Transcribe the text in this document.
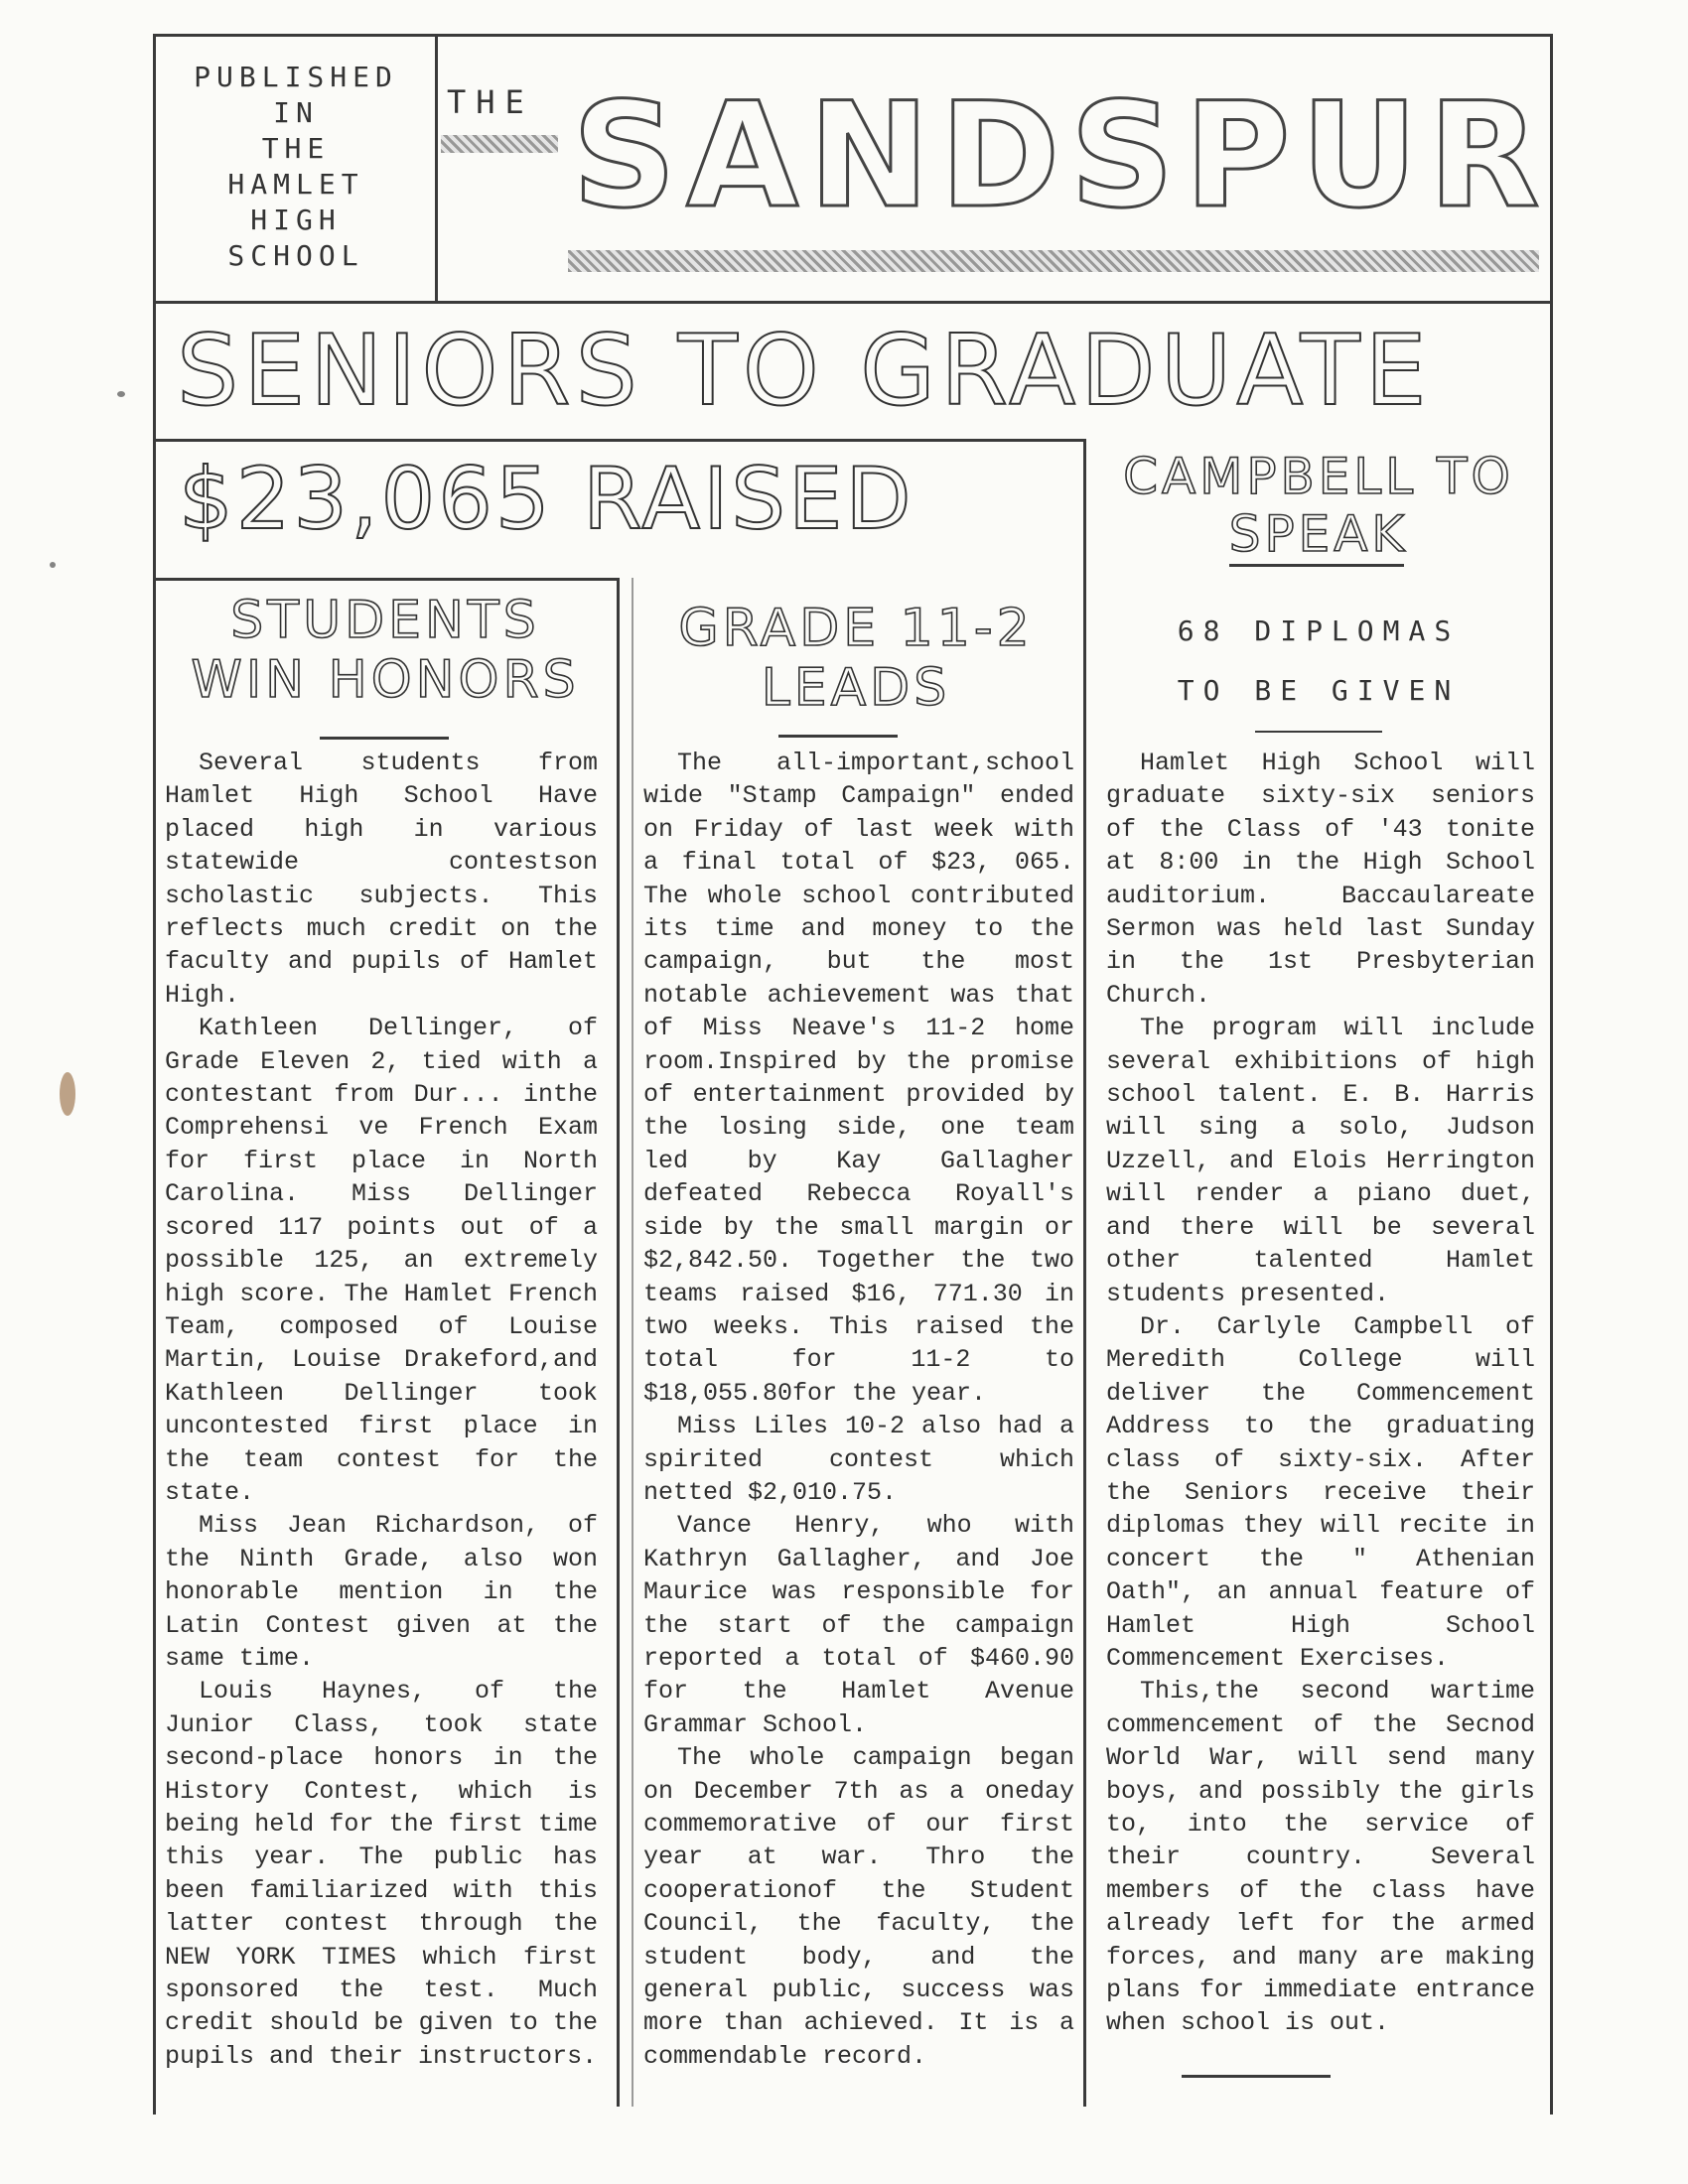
PUBLISHED
IN
THE
HAMLET
HIGH
SCHOOL
THE SANDSPUR
SENIORS TO GRADUATE
$23,065 RAISED
STUDENTS
WIN HONORS

Several students from Hamlet High School Have placed high in various statewide contestson scholastic subjects. This reflects much credit on the faculty and pupils of Hamlet High.

Kathleen Dellinger, of Grade Eleven 2, tied with a contestant from Dur... inthe Comprehensi ve French Exam for first place in North Carolina. Miss Dellinger scored 117 points out of a possible 125, an extremely high score. The Hamlet French Team, composed of Louise Martin, Louise Drakeford,and Kathleen Dellinger took uncontested first place in the team contest for the state.

Miss Jean Richardson, of the Ninth Grade, also won honorable mention in the Latin Contest given at the same time.

Louis Haynes, of the Junior Class, took state second-place honors in the History Contest, which is being held for the first time this year. The public has been familiarized with this latter contest through the NEW YORK TIMES which first sponsored the test. Much credit should be given to the pupils and their instructors.

GRADE 11-2
LEADS

The all-important,school wide "Stamp Campaign" ended on Friday of last week with a final total of $23, 065. The whole school contributed its time and money to the campaign, but the most notable achievement was that of Miss Neave's 11-2 home room.Inspired by the promise of entertainment provided by the losing side, one team led by Kay Gallagher defeated Rebecca Royall's side by the small margin or $2,842.50. Together the two teams raised $16, 771.30 in two weeks. This raised the total for 11-2 to $18,055.80for the year.

Miss Liles 10-2 also had a spirited contest which netted $2,010.75.

Vance Henry, who with Kathryn Gallagher, and Joe Maurice was responsible for the start of the campaign reported a total of $460.90 for the Hamlet Avenue Grammar School.

The whole campaign began on December 7th as a oneday commemorative of our first year at war. Thro the cooperationof the Student Council, the faculty, the student body, and the general public, success was more than achieved. It is a commendable record.

CAMPBELL TO
SPEAK
68 DIPLOMAS
TO BE GIVEN

Hamlet High School will graduate sixty-six seniors of the Class of '43 tonite at 8:00 in the High School auditorium. Baccaulareate Sermon was held last Sunday in the 1st Presbyterian Church.

The program will include several exhibitions of high school talent. E. B. Harris will sing a solo, Judson Uzzell, and Elois Herrington will render a piano duet, and there will be several other talented Hamlet students presented.

Dr. Carlyle Campbell of Meredith College will deliver the Commencement Address to the graduating class of sixty-six. After the Seniors receive their diplomas they will recite in concert the " Athenian Oath", an annual feature of Hamlet High School Commencement Exercises.

This,the second wartime commencement of the Secnod World War, will send many boys, and possibly the girls to, into the service of their country. Several members of the class have already left for the armed forces, and many are making plans for immediate entrance when school is out.
